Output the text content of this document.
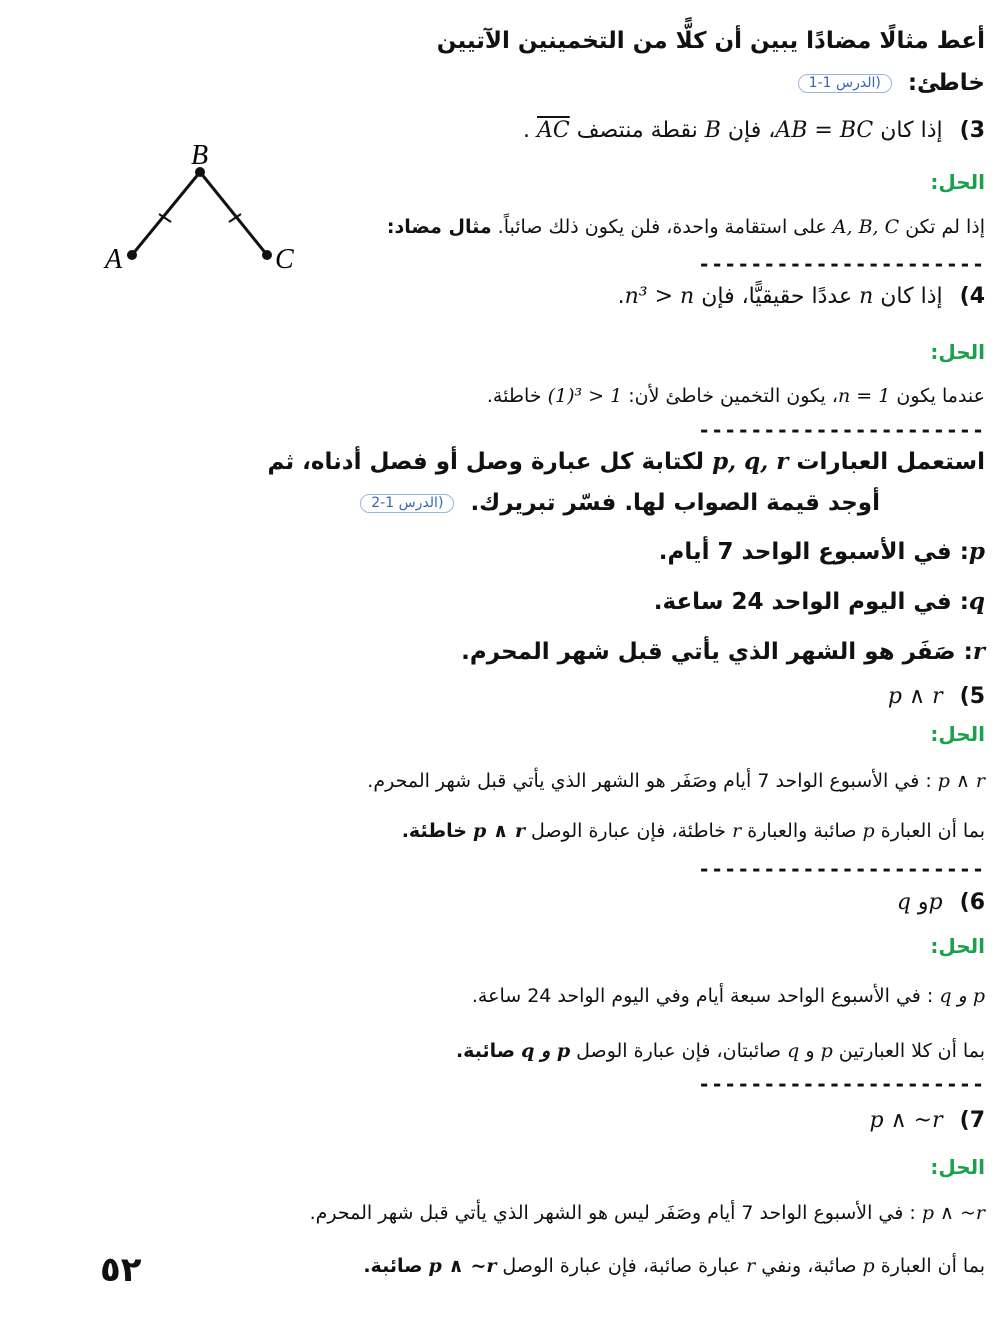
أعط مثالًا مضادًا يبين أن كلًّا من التخمينين الآتيين
خاطئ: (الدرس 1-1
3) إذا كان AB = BC، فإن B نقطة منتصف AC .
A
B
C
الحل:
إذا لم تكن A, B, C على استقامة واحدة، فلن يكون ذلك صائباً. مثال مضاد:
----------------------
4) إذا كان n عددًا حقيقيًّا، فإن n³ > n.
الحل:
عندما يكون n = 1، يكون التخمين خاطئ لأن: (1)³ > 1 خاطئة.
----------------------
استعمل العبارات p, q, r لكتابة كل عبارة وصل أو فصل أدناه، ثم
أوجد قيمة الصواب لها. فسّر تبريرك. (الدرس 1-2
p: في الأسبوع الواحد 7 أيام.
q: في اليوم الواحد 24 ساعة.
r: صَفَر هو الشهر الذي يأتي قبل شهر المحرم.
5) p ∧ r
الحل:
p ∧ r : في الأسبوع الواحد 7 أيام وصَفَر هو الشهر الذي يأتي قبل شهر المحرم.
بما أن العبارة p صائبة والعبارة r خاطئة، فإن عبارة الوصل p ∧ r خاطئة.
----------------------
6) pو q
الحل:
p و q : في الأسبوع الواحد سبعة أيام وفي اليوم الواحد 24 ساعة.
بما أن كلا العبارتين p و q صائبتان، فإن عبارة الوصل p و q صائبة.
----------------------
7) p ∧ ~r
الحل:
p ∧ ~r : في الأسبوع الواحد 7 أيام وصَفَر ليس هو الشهر الذي يأتي قبل شهر المحرم.
بما أن العبارة p صائبة، ونفي r عبارة صائبة، فإن عبارة الوصل p ∧ ~r صائبة.
٥٢
